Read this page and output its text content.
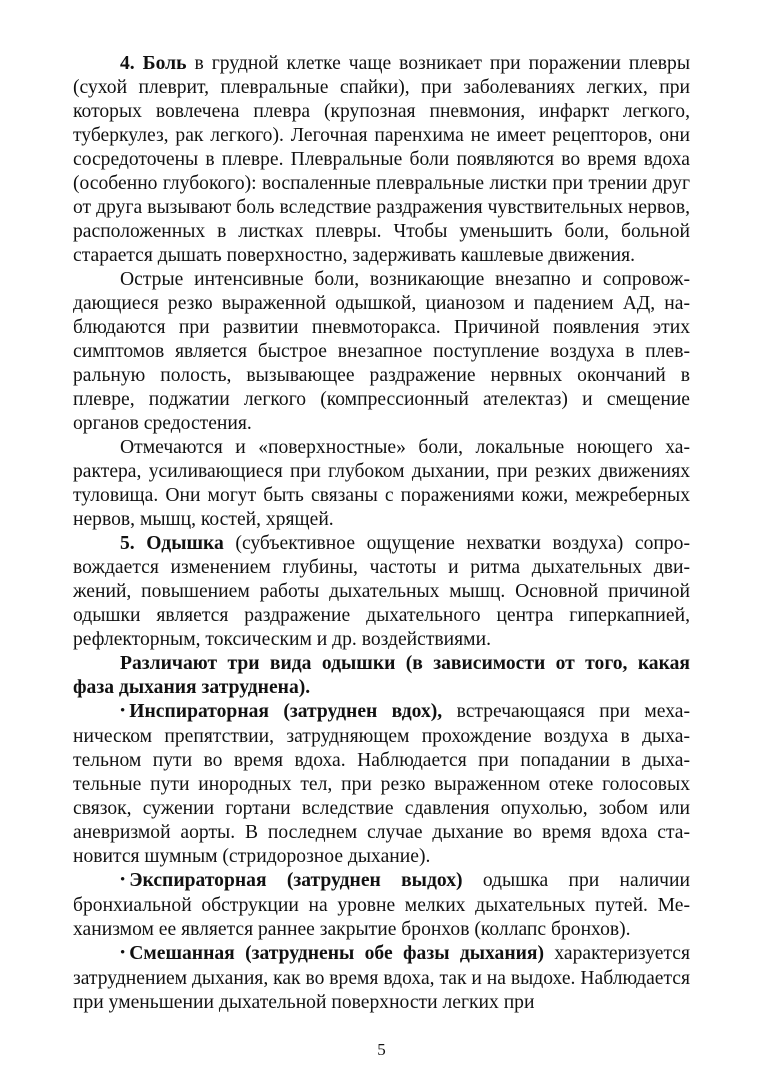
4. Боль в грудной клетке чаще возникает при поражении плевры (сухой плеврит, плевральные спайки), при заболеваниях легких, при которых вовлечена плевра (крупозная пневмония, инфаркт легкого, туберкулез, рак легкого). Легочная паренхима не имеет рецепторов, они сосредоточены в плевре. Плевральные боли появляются во время вдоха (особенно глубокого): воспаленные плевральные листки при трении друг от друга вызывают боль вследствие раздражения чувствительных нервов, расположенных в листках плевры. Чтобы уменьшить боли, больной старается дышать поверхностно, задерживать кашлевые движения.

Острые интенсивные боли, возникающие внезапно и сопровождающиеся резко выраженной одышкой, цианозом и падением АД, наблюдаются при развитии пневмоторакса. Причиной появления этих симптомов является быстрое внезапное поступление воздуха в плевральную полость, вызывающее раздражение нервных окончаний в плевре, поджатии легкого (компрессионный ателектаз) и смещение органов средостения.

Отмечаются и «поверхностные» боли, локальные ноющего характера, усиливающиеся при глубоком дыхании, при резких движениях туловища. Они могут быть связаны с поражениями кожи, межреберных нервов, мышц, костей, хрящей.

5. Одышка (субъективное ощущение нехватки воздуха) сопровождается изменением глубины, частоты и ритма дыхательных движений, повышением работы дыхательных мышц. Основной причиной одышки является раздражение дыхательного центра гиперкапнией, рефлекторным, токсическим и др. воздействиями.

Различают три вида одышки (в зависимости от того, какая фаза дыхания затруднена).

• Инспираторная (затруднен вдох), встречающаяся при механическом препятствии, затрудняющем прохождение воздуха в дыхательном пути во время вдоха. Наблюдается при попадании в дыхательные пути инородных тел, при резко выраженном отеке голосовых связок, сужении гортани вследствие сдавления опухолью, зобом или аневризмой аорты. В последнем случае дыхание во время вдоха становится шумным (стридорозное дыхание).

• Экспираторная (затруднен выдох) одышка при наличии бронхиальной обструкции на уровне мелких дыхательных путей. Механизмом ее является раннее закрытие бронхов (коллапс бронхов).

• Смешанная (затруднены обе фазы дыхания) характеризуется затруднением дыхания, как во время вдоха, так и на выдохе. Наблюдается при уменьшении дыхательной поверхности легких при

5
